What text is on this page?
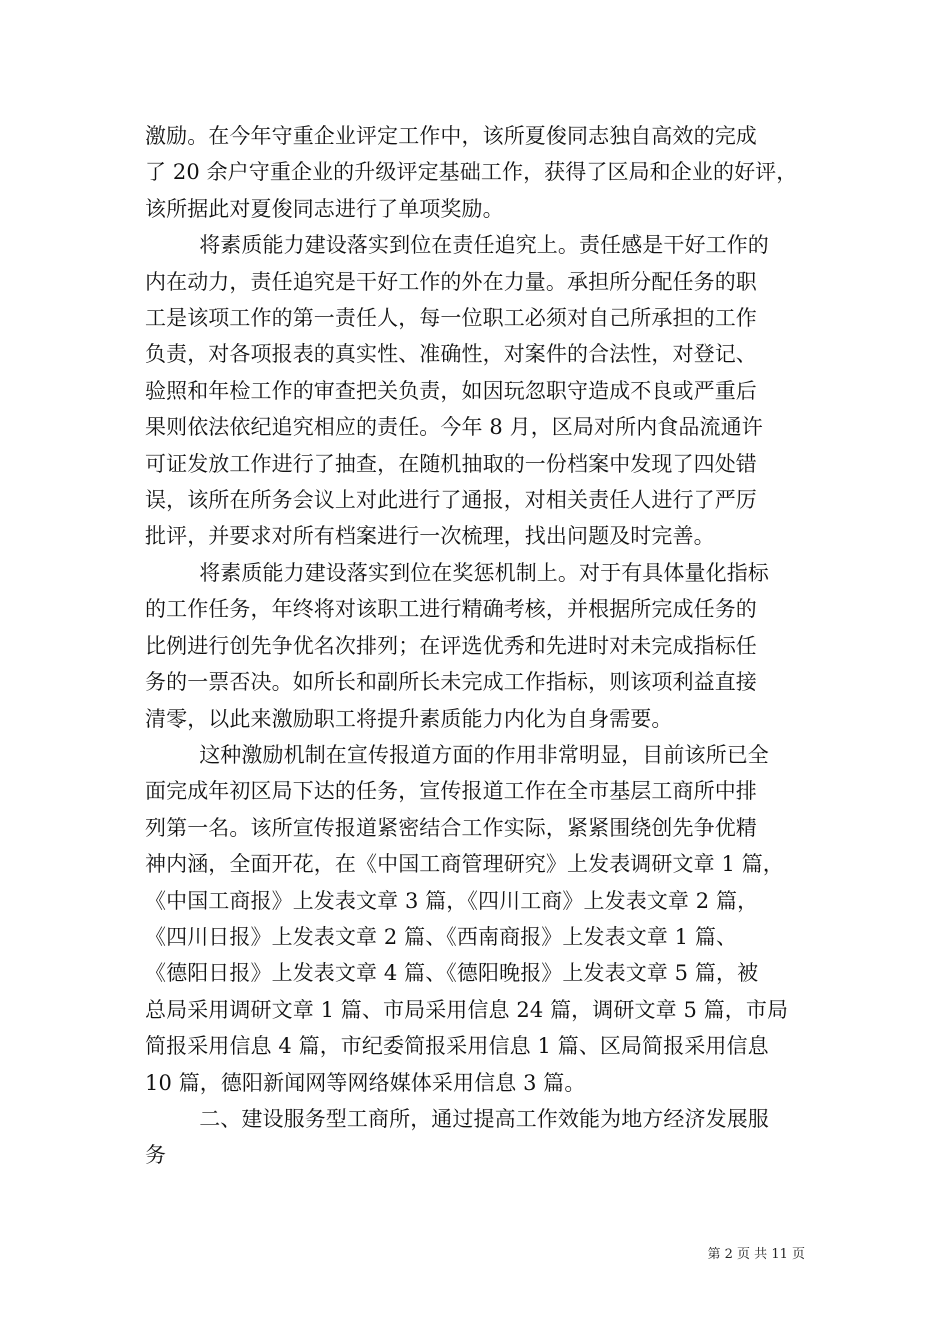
激励。在今年守重企业评定工作中，该所夏俊同志独自高效的完成
了 20 余户守重企业的升级评定基础工作，获得了区局和企业的好评，
该所据此对夏俊同志进行了单项奖励。
将素质能力建设落实到位在责任追究上。责任感是干好工作的
内在动力，责任追究是干好工作的外在力量。承担所分配任务的职
工是该项工作的第一责任人，每一位职工必须对自己所承担的工作
负责，对各项报表的真实性、准确性，对案件的合法性，对登记、
验照和年检工作的审查把关负责，如因玩忽职守造成不良或严重后
果则依法依纪追究相应的责任。今年 8 月，区局对所内食品流通许
可证发放工作进行了抽查，在随机抽取的一份档案中发现了四处错
误，该所在所务会议上对此进行了通报，对相关责任人进行了严厉
批评，并要求对所有档案进行一次梳理，找出问题及时完善。
将素质能力建设落实到位在奖惩机制上。对于有具体量化指标
的工作任务，年终将对该职工进行精确考核，并根据所完成任务的
比例进行创先争优名次排列；在评选优秀和先进时对未完成指标任
务的一票否决。如所长和副所长未完成工作指标，则该项利益直接
清零，以此来激励职工将提升素质能力内化为自身需要。
这种激励机制在宣传报道方面的作用非常明显，目前该所已全
面完成年初区局下达的任务，宣传报道工作在全市基层工商所中排
列第一名。该所宣传报道紧密结合工作实际，紧紧围绕创先争优精
神内涵，全面开花，在《中国工商管理研究》上发表调研文章 1 篇，
《中国工商报》上发表文章 3 篇，《四川工商》上发表文章 2 篇，
《四川日报》上发表文章 2 篇、《西南商报》上发表文章 1 篇、
《德阳日报》上发表文章 4 篇、《德阳晚报》上发表文章 5 篇，被
总局采用调研文章 1 篇、市局采用信息 24 篇，调研文章 5 篇，市局
简报采用信息 4 篇，市纪委简报采用信息 1 篇、区局简报采用信息
10 篇，德阳新闻网等网络媒体采用信息 3 篇。
二、建设服务型工商所，通过提高工作效能为地方经济发展服
务
第 2 页 共 11 页
